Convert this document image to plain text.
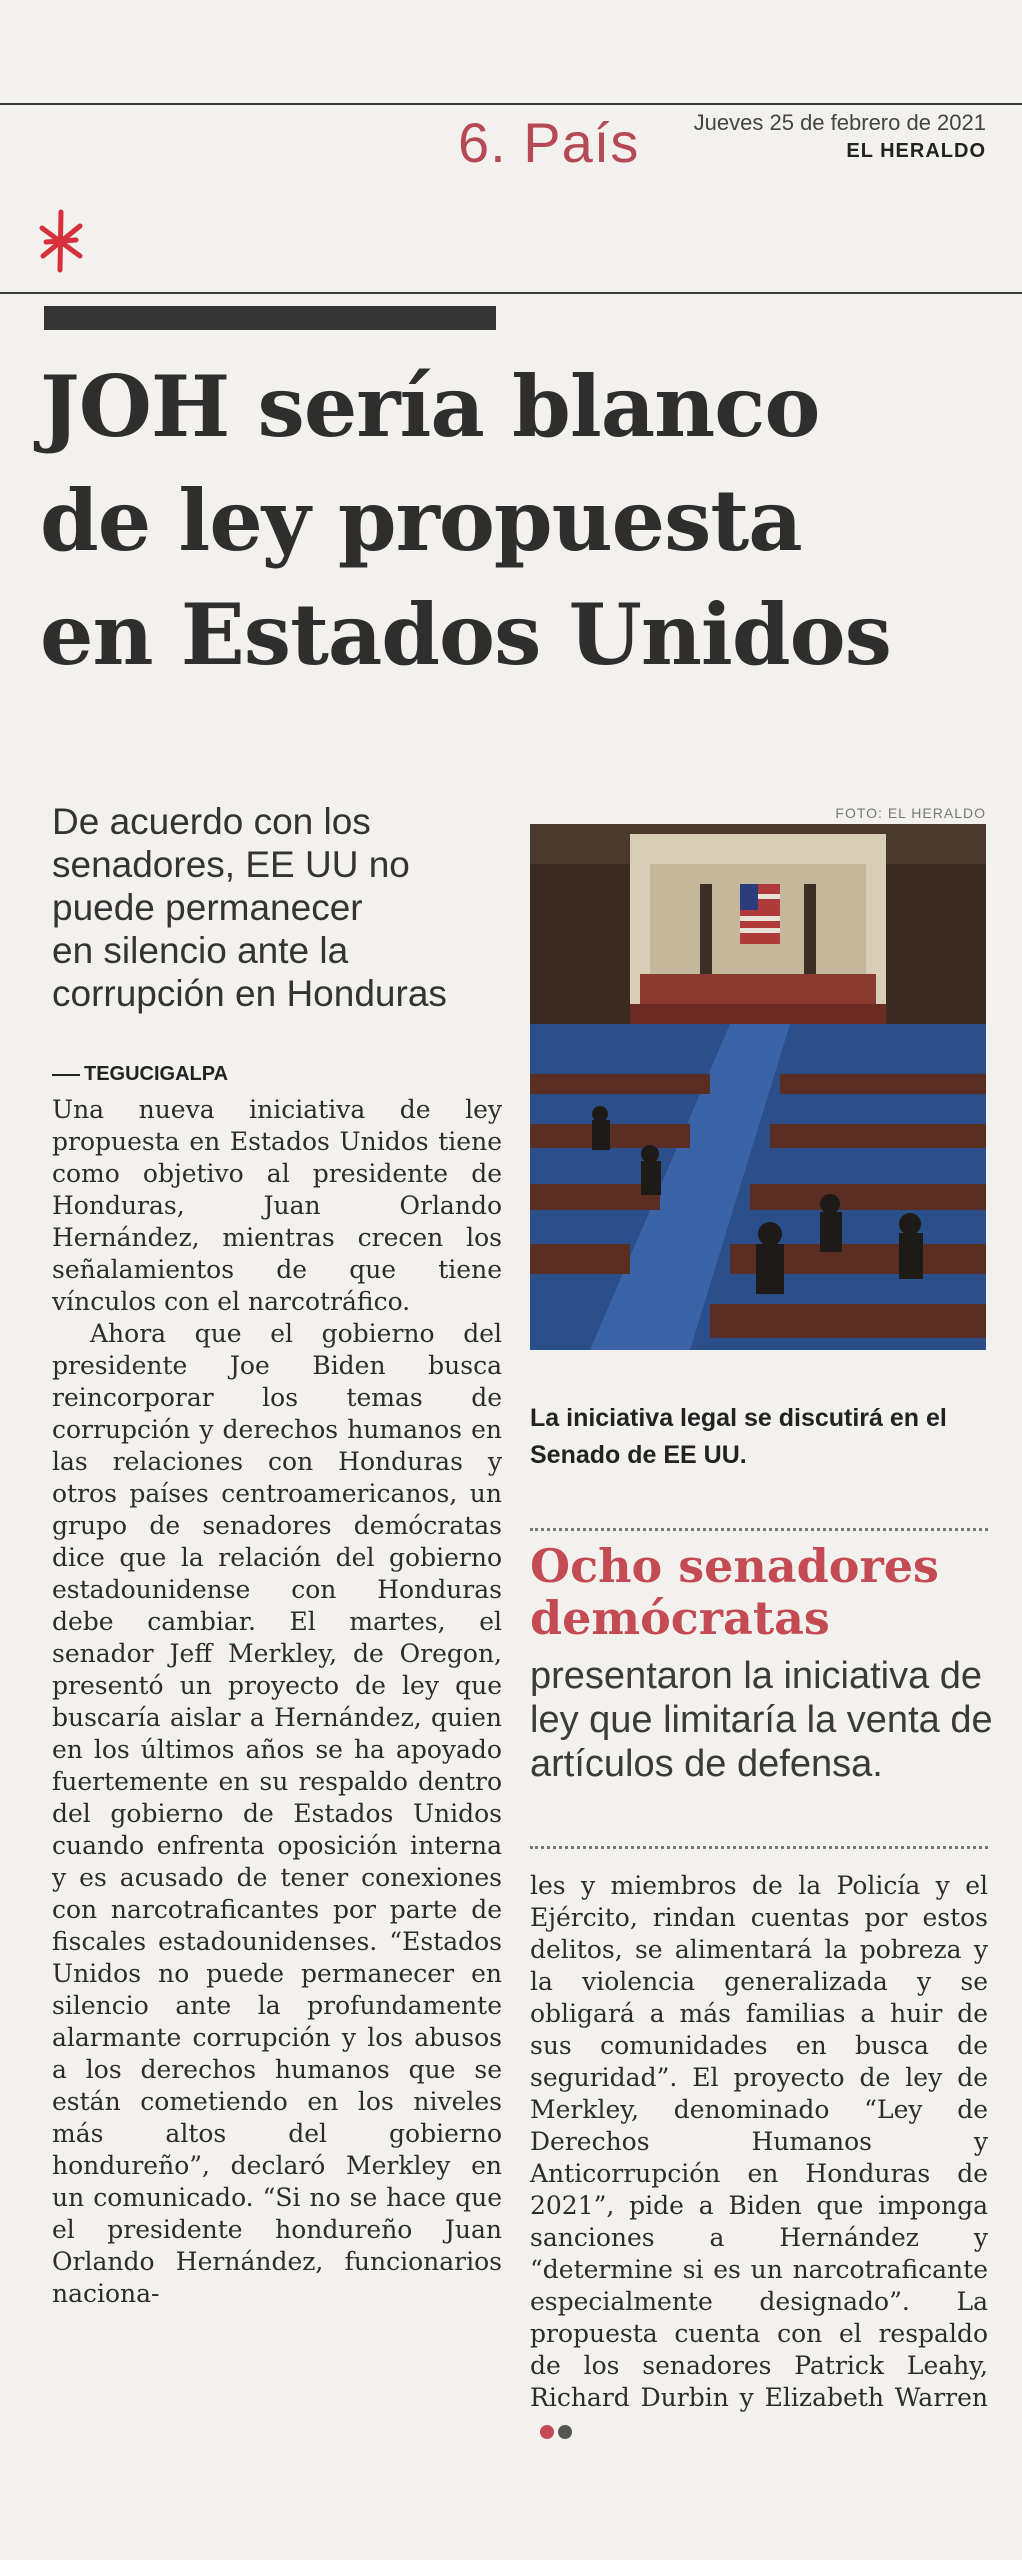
6. País Jueves 25 de febrero de 2021
EL HERALDO
JOH sería blanco
de ley propuesta
en Estados Unidos
De acuerdo con los
senadores, EE UU no
puede permanecer
en silencio ante la
corrupción en Honduras
FOTO: EL HERALDO
La iniciativa legal se discutirá en el Senado de EE UU.
TEGUCIGALPA

Una nueva iniciativa de ley propuesta en Estados Unidos tiene como objetivo al presidente de Honduras, Juan Orlando Hernández, mientras crecen los señalamientos de que tiene vínculos con el narcotráfico.

Ahora que el gobierno del presidente Joe Biden busca reincorporar los temas de corrupción y derechos humanos en las relaciones con Honduras y otros países centroamericanos, un grupo de senadores demócratas dice que la relación del gobierno estadounidense con Honduras debe cambiar. El martes, el senador Jeff Merkley, de Oregon, presentó un proyecto de ley que buscaría aislar a Hernández, quien en los últimos años se ha apoyado fuertemente en su respaldo dentro del gobierno de Estados Unidos cuando enfrenta oposición interna y es acusado de tener conexiones con narcotraficantes por parte de fiscales estadounidenses. “Estados Unidos no puede permanecer en silencio ante la profundamente alarmante corrupción y los abusos a los derechos humanos que se están cometiendo en los niveles más altos del gobierno hondureño”, declaró Merkley en un comunicado. “Si no se hace que el presidente hondureño Juan Orlando Hernández, funcionarios naciona-

Ocho senadores demócratas
presentaron la iniciativa de ley que limitaría la venta de artículos de defensa.

les y miembros de la Policía y el Ejército, rindan cuentas por estos delitos, se alimentará la pobreza y la violencia generalizada y se obligará a más familias a huir de sus comunidades en busca de seguridad”. El proyecto de ley de Merkley, denominado “Ley de Derechos Humanos y Anticorrupción en Honduras de 2021”, pide a Biden que imponga sanciones a Hernández y “determine si es un narcotraficante especialmente designado”. La propuesta cuenta con el respaldo de los senadores Patrick Leahy, Richard Durbin y Elizabeth Warren
